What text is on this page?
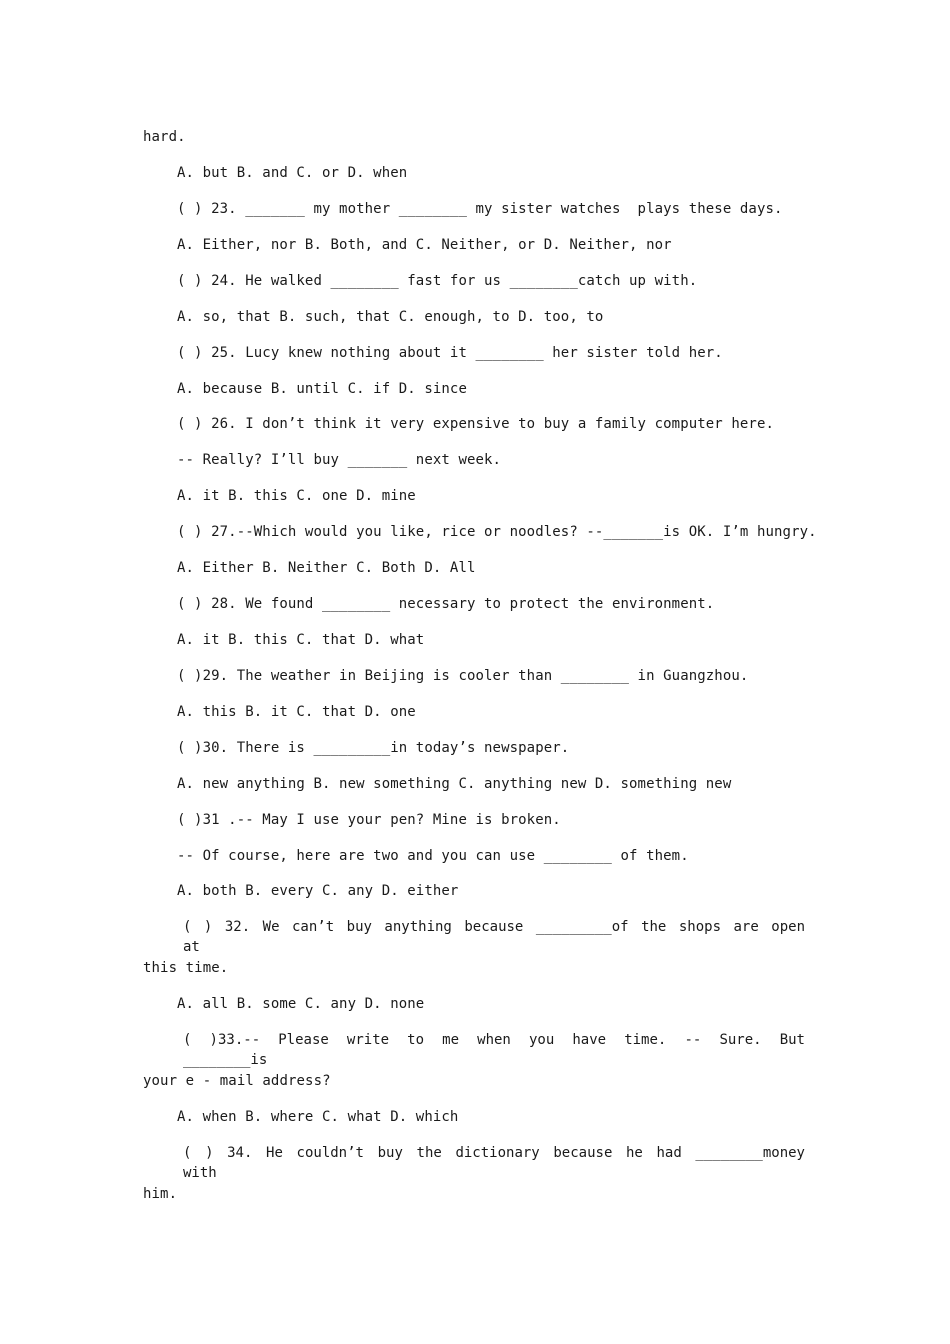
hard.
A. but B. and C. or D. when
( ) 23. _______ my mother ________ my sister watches  plays these days.
A. Either, nor B. Both, and C. Neither, or D. Neither, nor
( ) 24. He walked ________ fast for us ________catch up with.
A. so, that B. such, that C. enough, to D. too, to
( ) 25. Lucy knew nothing about it ________ her sister told her.
A. because B. until C. if D. since
( ) 26. I don’t think it very expensive to buy a family computer here.
-- Really? I’ll buy _______ next week.
A. it B. this C. one D. mine
( ) 27.--Which would you like, rice or noodles? --_______is OK. I’m hungry.
A. Either B. Neither C. Both D. All
( ) 28. We found ________ necessary to protect the environment.
A. it B. this C. that D. what
( )29. The weather in Beijing is cooler than ________ in Guangzhou.
A. this B. it C. that D. one
( )30. There is _________in today’s newspaper.
A. new anything B. new something C. anything new D. something new
( )31 .-- May I use your pen? Mine is broken.
-- Of course, here are two and you can use ________ of them.
A. both B. every C. any D. either
( ) 32. We can’t buy anything because _________of the shops are open at
this time.
A. all B. some C. any D. none
( )33.-- Please write to me when you have time. -- Sure. But ________is
your e - mail address?
A. when B. where C. what D. which
( ) 34. He couldn’t buy the dictionary because he had ________money with
him.
